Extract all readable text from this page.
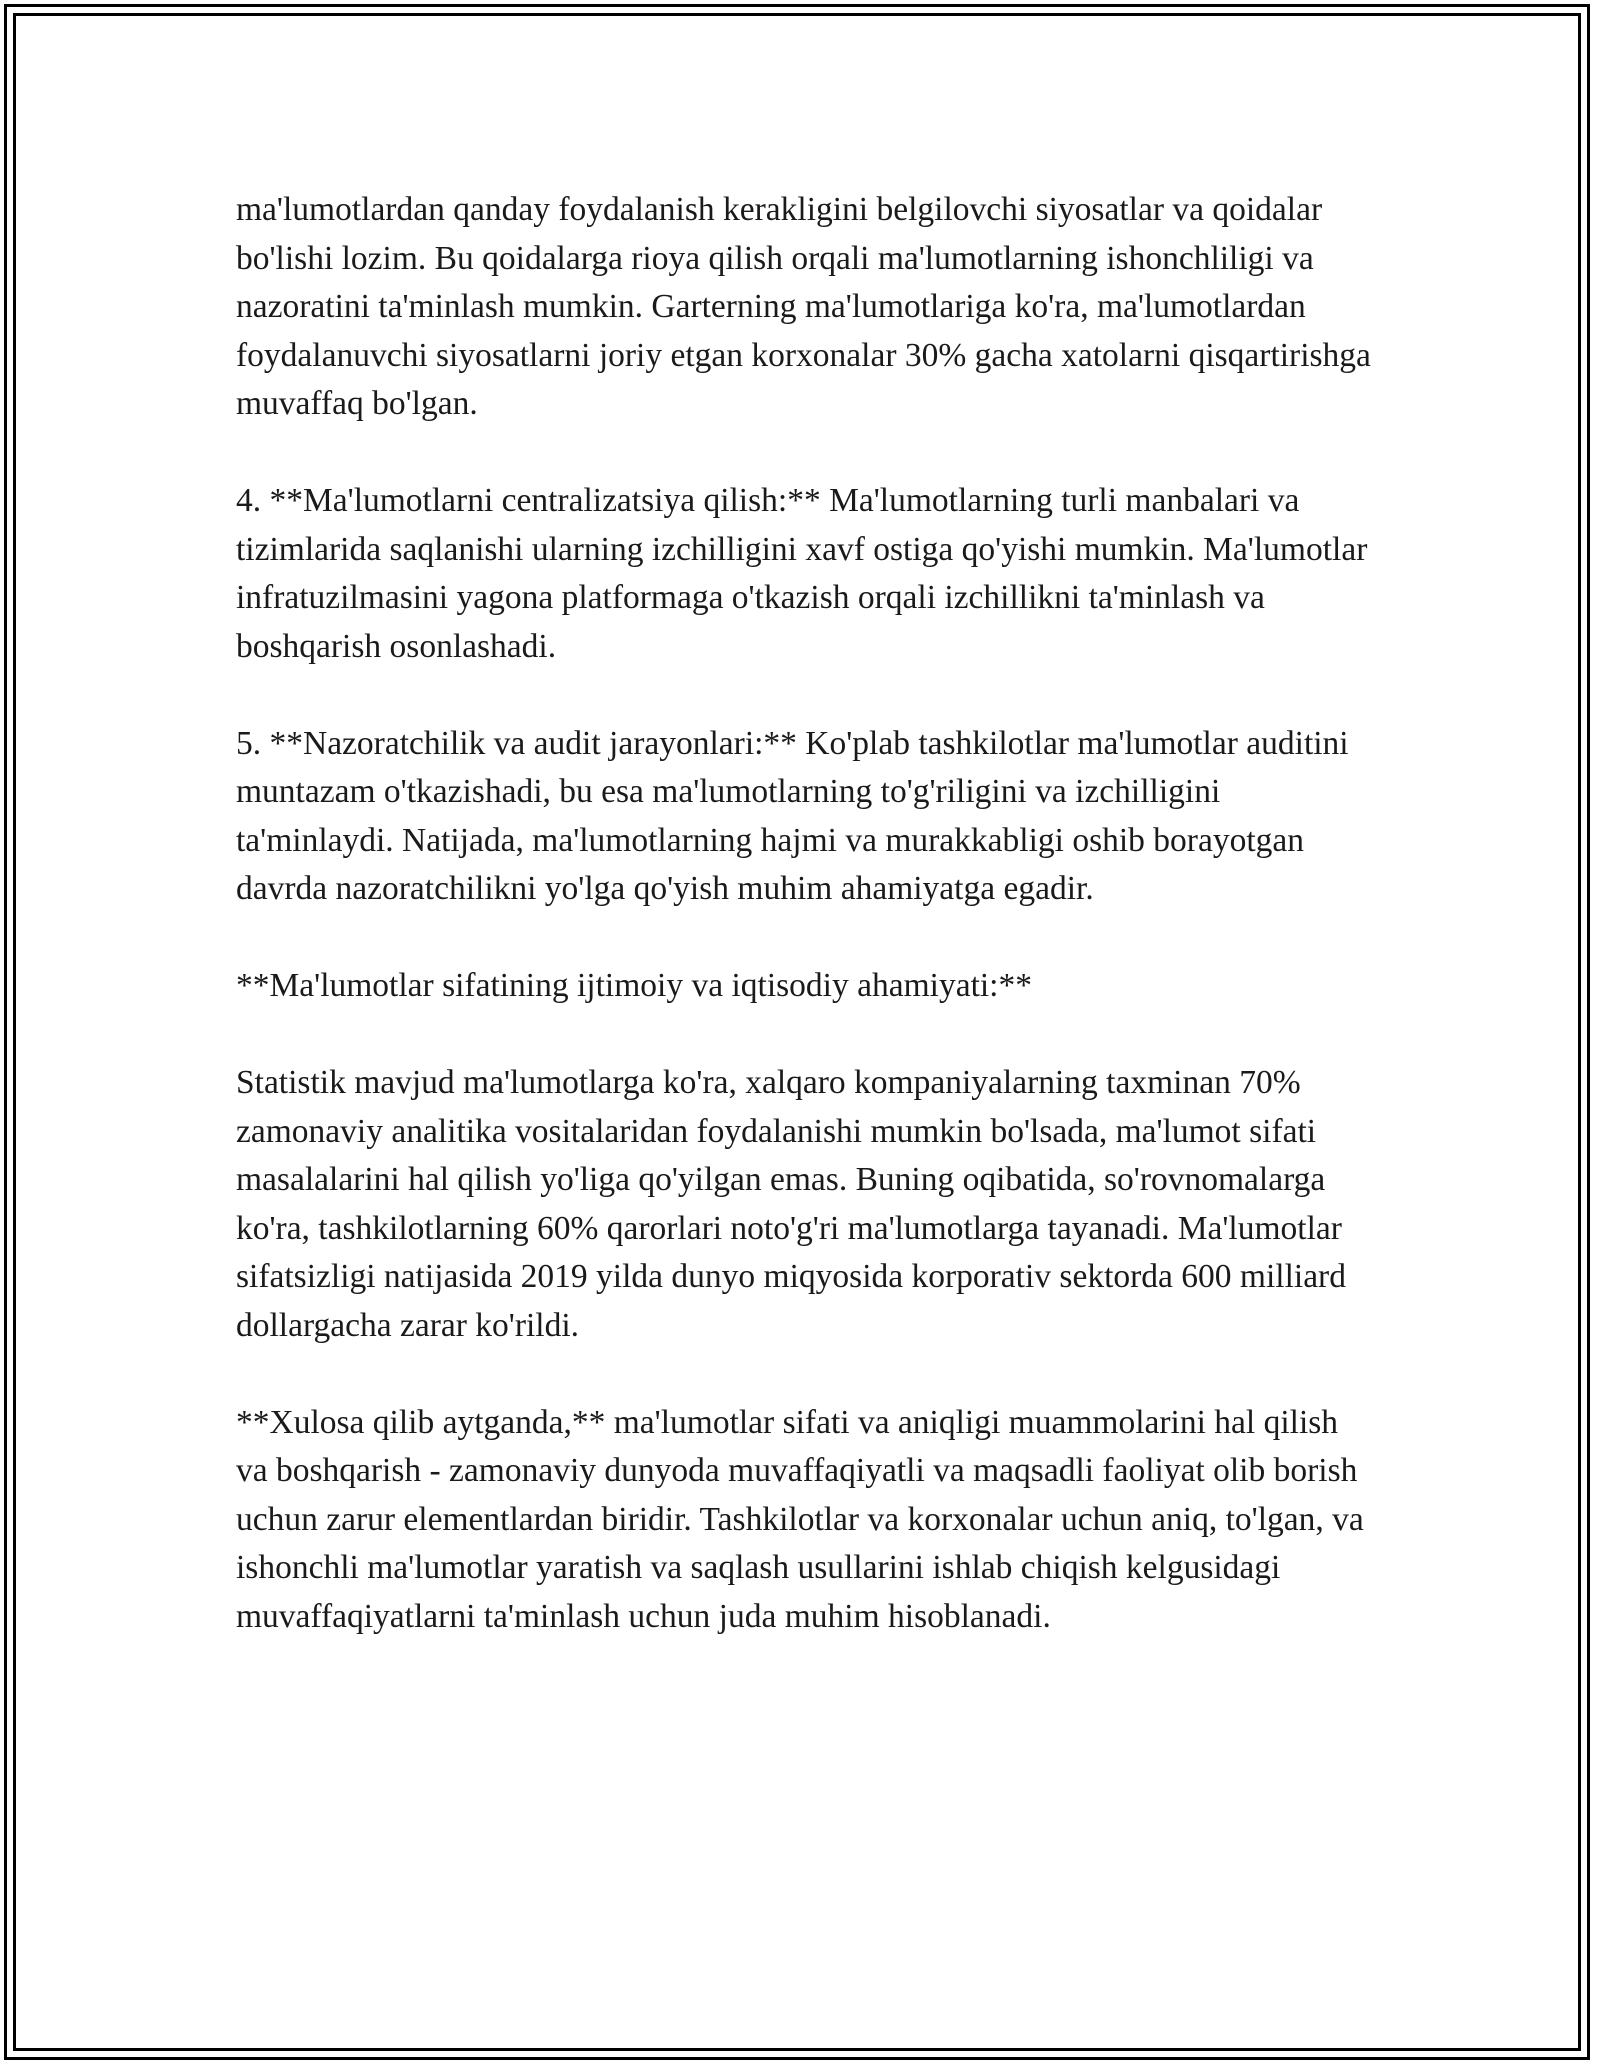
ma'lumotlardan qanday foydalanish kerakligini belgilovchi siyosatlar va qoidalar bo'lishi lozim. Bu qoidalarga rioya qilish orqali ma'lumotlarning ishonchliligi va nazoratini ta'minlash mumkin. Garterning ma'lumotlariga ko'ra, ma'lumotlardan foydalanuvchi siyosatlarni joriy etgan korxonalar 30% gacha xatolarni qisqartirishga muvaffaq bo'lgan.

4. **Ma'lumotlarni centralizatsiya qilish:** Ma'lumotlarning turli manbalari va tizimlarida saqlanishi ularning izchilligini xavf ostiga qo'yishi mumkin. Ma'lumotlar infratuzilmasini yagona platformaga o'tkazish orqali izchillikni ta'minlash va boshqarish osonlashadi.

5. **Nazoratchilik va audit jarayonlari:** Ko'plab tashkilotlar ma'lumotlar auditini muntazam o'tkazishadi, bu esa ma'lumotlarning to'g'riligini va izchilligini ta'minlaydi. Natijada, ma'lumotlarning hajmi va murakkabligi oshib borayotgan davrda nazoratchilikni yo'lga qo'yish muhim ahamiyatga egadir.

**Ma'lumotlar sifatining ijtimoiy va iqtisodiy ahamiyati:**

Statistik mavjud ma'lumotlarga ko'ra, xalqaro kompaniyalarning taxminan 70% zamonaviy analitika vositalaridan foydalanishi mumkin bo'lsada, ma'lumot sifati masalalarini hal qilish yo'liga qo'yilgan emas. Buning oqibatida, so'rovnomalarga ko'ra, tashkilotlarning 60% qarorlari noto'g'ri ma'lumotlarga tayanadi. Ma'lumotlar sifatsizligi natijasida 2019 yilda dunyo miqyosida korporativ sektorda 600 milliard dollargacha zarar ko'rildi.

**Xulosa qilib aytganda,** ma'lumotlar sifati va aniqligi muammolarini hal qilish va boshqarish - zamonaviy dunyoda muvaffaqiyatli va maqsadli faoliyat olib borish uchun zarur elementlardan biridir. Tashkilotlar va korxonalar uchun aniq, to'lgan, va ishonchli ma'lumotlar yaratish va saqlash usullarini ishlab chiqish kelgusidagi muvaffaqiyatlarni ta'minlash uchun juda muhim hisoblanadi.
